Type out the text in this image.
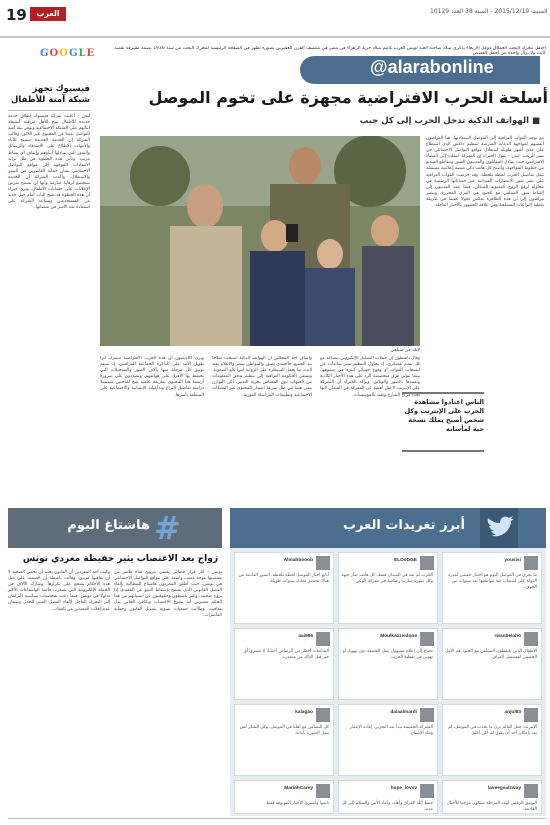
19	العرب	السبت 2015/12/19 - السنة 38 العدد 10129
GOOGLE	احتفل محرك البحث العملاق غوغل الأربعاء بذكرى ميلاد صاحبة العيد لويس العرب غانيم ميلاد حرية الزهراء في مصر في منتصف القرن العشرين بصورة تظهر في الصفحة الرئيسية لمحرك البحث من سنة 1936 بصمة مشرفة بقصة كانت ولا تزال واحدة من أجمل القصص
@alarabonline
فيسبوك تجهز شبكة آمنة للأطفال
لندن - أعلنت شركة فيسبوك إطلاق خدمة جديدة للأطفال تتيح للأهل مراقبة أنشطة أبنائهم على الشبكة الاجتماعية وتوفر بيئة آمنة للتواصل بعيدا عن المحتوى غير اللائق. وقالت الشركة إن الخدمة الجديدة ستتيح للآباء والأمهات الاطلاع على الأصدقاء والرسائل والصور التي يتبادلها أبناؤهم وإيقاف أي نشاط مريب. وتأتي هذه الخطوة في ظل تزايد الانتقادات الموجهة إلى مواقع التواصل الاجتماعي بشأن حماية القاصرين من التنمر والاستغلال. وأكدت الشركة أن الخدمة ستخضع لرقابة صارمة وأنها لن تسمح بعرض الإعلانات على حسابات الأطفال. ويرى خبراء أن هذه الخطوة قد تفتح الباب أمام جيل جديد من المستخدمين وتساعد الشركة على استعادة ثقة الأسر في منصاتها.
أسلحة الحرب الافتراضية مجهزة على تخوم الموصل
■ الهواتف الذكية تدخل الحرب إلى كل جيب
لايك من سيلفي
مع توجه القوات العراقية إلى الموصل لاستعادتها، هيأ العراقيون أنفسهم لمواجهة الدعاية الشرسة لتنظيم داعش الذي استطاع على مدى أشهر طويلة استغلال مواقع التواصل الاجتماعي في نشر الرعب. لندن - يقول الخبراء إن المعركة انتقلت إلى الفضاء الافتراضي حيث يتبادل المقاتلون والمدنيون الصور ومقاطع الفيديو من خطوط المواجهة، وأصبح كل هاتف ذكي منصة إعلامية مستقلة تنقل تفاصيل الحرب لحظة بلحظة. وقد حرصت القوات العراقية على نشر صور الانتصارات الميدانية عبر حساباتها الرسمية في محاولة لرفع الروح المعنوية للسكان، فيما عمد المدنيون إلى التقاط صور السيلفي مع الجنود في القرى المحررة. ويشير مراقبون إلى أن هذه الظاهرة تعكس تحولا عميقا في طريقة تغطية النزاعات المسلحة وفي علاقة الجمهور بالأخبار العاجلة.
وقال ناشطون إن حملات التضليل الإلكتروني تتصاعد مع كل تقدم عسكري، إذ يحاول التنظيم نشر شائعات عن انسحاب القوات أو وقوع خسائر كبيرة في صفوفها، بينما تتولى فرق متخصصة الرد على هذه الأخبار الكاذبة وتفنيدها بالصور والوثائق. ويؤكد الخبراء أن المعركة على الإنترنت لا تقل أهمية عن المعركة في الميدان لأنها تحدد مزاج الشارع وثقته بالمؤسسات.
وأضاف أحد المحللين أن الهواتف الذكية أصبحت سلاحا بيد الجميع، فالجندي يصور والمواطن ينشر والإعلام يعيد البث، ما يجعل السيطرة على الرواية أمرا بالغ الصعوبة. وتسعى الحكومة العراقية إلى تنظيم تدفق المعلومات من الجبهات دون المساس بحرية التعبير، لكن التوازن يبقى هشا في ظل سرعة انتشار المحتوى عبر الشبكات الاجتماعية وتطبيقات المراسلة الفورية.
ويرى أكاديميون أن هذه الحرب الافتراضية ستترك أثرا طويل الأمد على الذاكرة الجماعية للعراقيين، إذ سيتم توثيق كل مرحلة منها بآلاف الصور والتسجيلات التي يحتفظ بها الأفراد على هواتفهم. ويشددون على ضرورة أرشفة هذا المحتوى بطريقة علمية تتيح للباحثين مستقبلا دراسة تفاصيل النزاع وتداعياته الإنسانية والاجتماعية على المنطقة بأسرها.
الناس اعتادوا مشاهدة الحرب على الإنترنت وكل شخص أصبح يملك نسخة حية لمأساته
أبرز تغريدات العرب
yousisi
ما يجري في الموصل اليوم هو اختبار حقيقي لقدرة الدولة على استعادة ثقة مواطنيها بعد سنوات من الخوف.
ELDoDGE
الحرب لم تعد في الميدان فقط، كل هاتف صار جبهة وكل صورة صارت رصاصة في معركة الوعي.
Almahbooob
أتابع أخبار الموصل لحظة بلحظة، الصور القادمة من هناك تختصر معاناة سنوات طويلة.
rwanbelaho
الأطفال الذين يلتقطون السيلفي مع الجنود هم الأمل الحقيقي لمستقبل العراق.
Moulkazzeidone
نحتاج إلى إعلام مسؤول ينقل الحقيقة دون تهويل أو تهوين في تغطية الحرب.
aai986
الشائعات أخطر من الرصاص أحيانا، لا تنشروا أي خبر قبل التأكد من مصدره.
anjul83
الإنترنت جعل العالم يرى ما يحدث في الموصل، لم يعد بإمكان أحد أن يقول لم أكن أعلم.
dalaalmardi
المعركة الحقيقية تبدأ بعد التحرير، إعادة الإعمار وبناء الإنسان.
kalagao
كل التضامن مع أهلنا في الموصل، وكل الشكر لمن ينقل الصورة بأمانة.
laveegsalzway
التوثيق الرقمي لهذه المرحلة سيكون مرجعا للأجيال القادمة.
hope_lovvv
حفظ الله العراق وأهله، وأعاد الأمن والسلام إلى كل مدنه.
MariahCarey
تابعوا وانشروا الأخبار الموثوقة فقط.
هاشتاغ اليوم #
زواج بعد الاغتصاب يثير حفيظة مغردي تونس
وكتب أحد المغردين أن القانون يجب أن يحمي الضحية لا أن يعاقبها مرتين. وقالت ناشطة إن الصمت على مثل هذه الأحكام يشجع على تكرارها. وشارك الآلاف في الحملة الإلكترونية التي تصدرت قائمة الهاشتاغات الأكثر تداولا في تونس، فيما دعت شخصيات سياسية البرلمان إلى التحرك العاجل لإلغاء الفصل المثير للجدل وضمان عدم إفلات المعتدين من العقاب.
تونس - أثار قرار قضائي يقضي بتزويج فتاة قاصر من مغتصبها موجة غضب واسعة على مواقع التواصل الاجتماعي في تونس، حيث أطلق المغردون هاشتاغ للمطالبة بإلغاء الفصل القانوني الذي يسمح بإسقاط التتبع عن المعتدي إذا تزوج ضحيته. وعبر ناشطون وحقوقيون عن استيائهم من هذا الحكم معتبرين أنه يشرع الاغتصاب ويكافئ الجاني بدل معاقبته. وطالبت جمعيات نسوية بتعديل القانون وحماية القاصرات.
